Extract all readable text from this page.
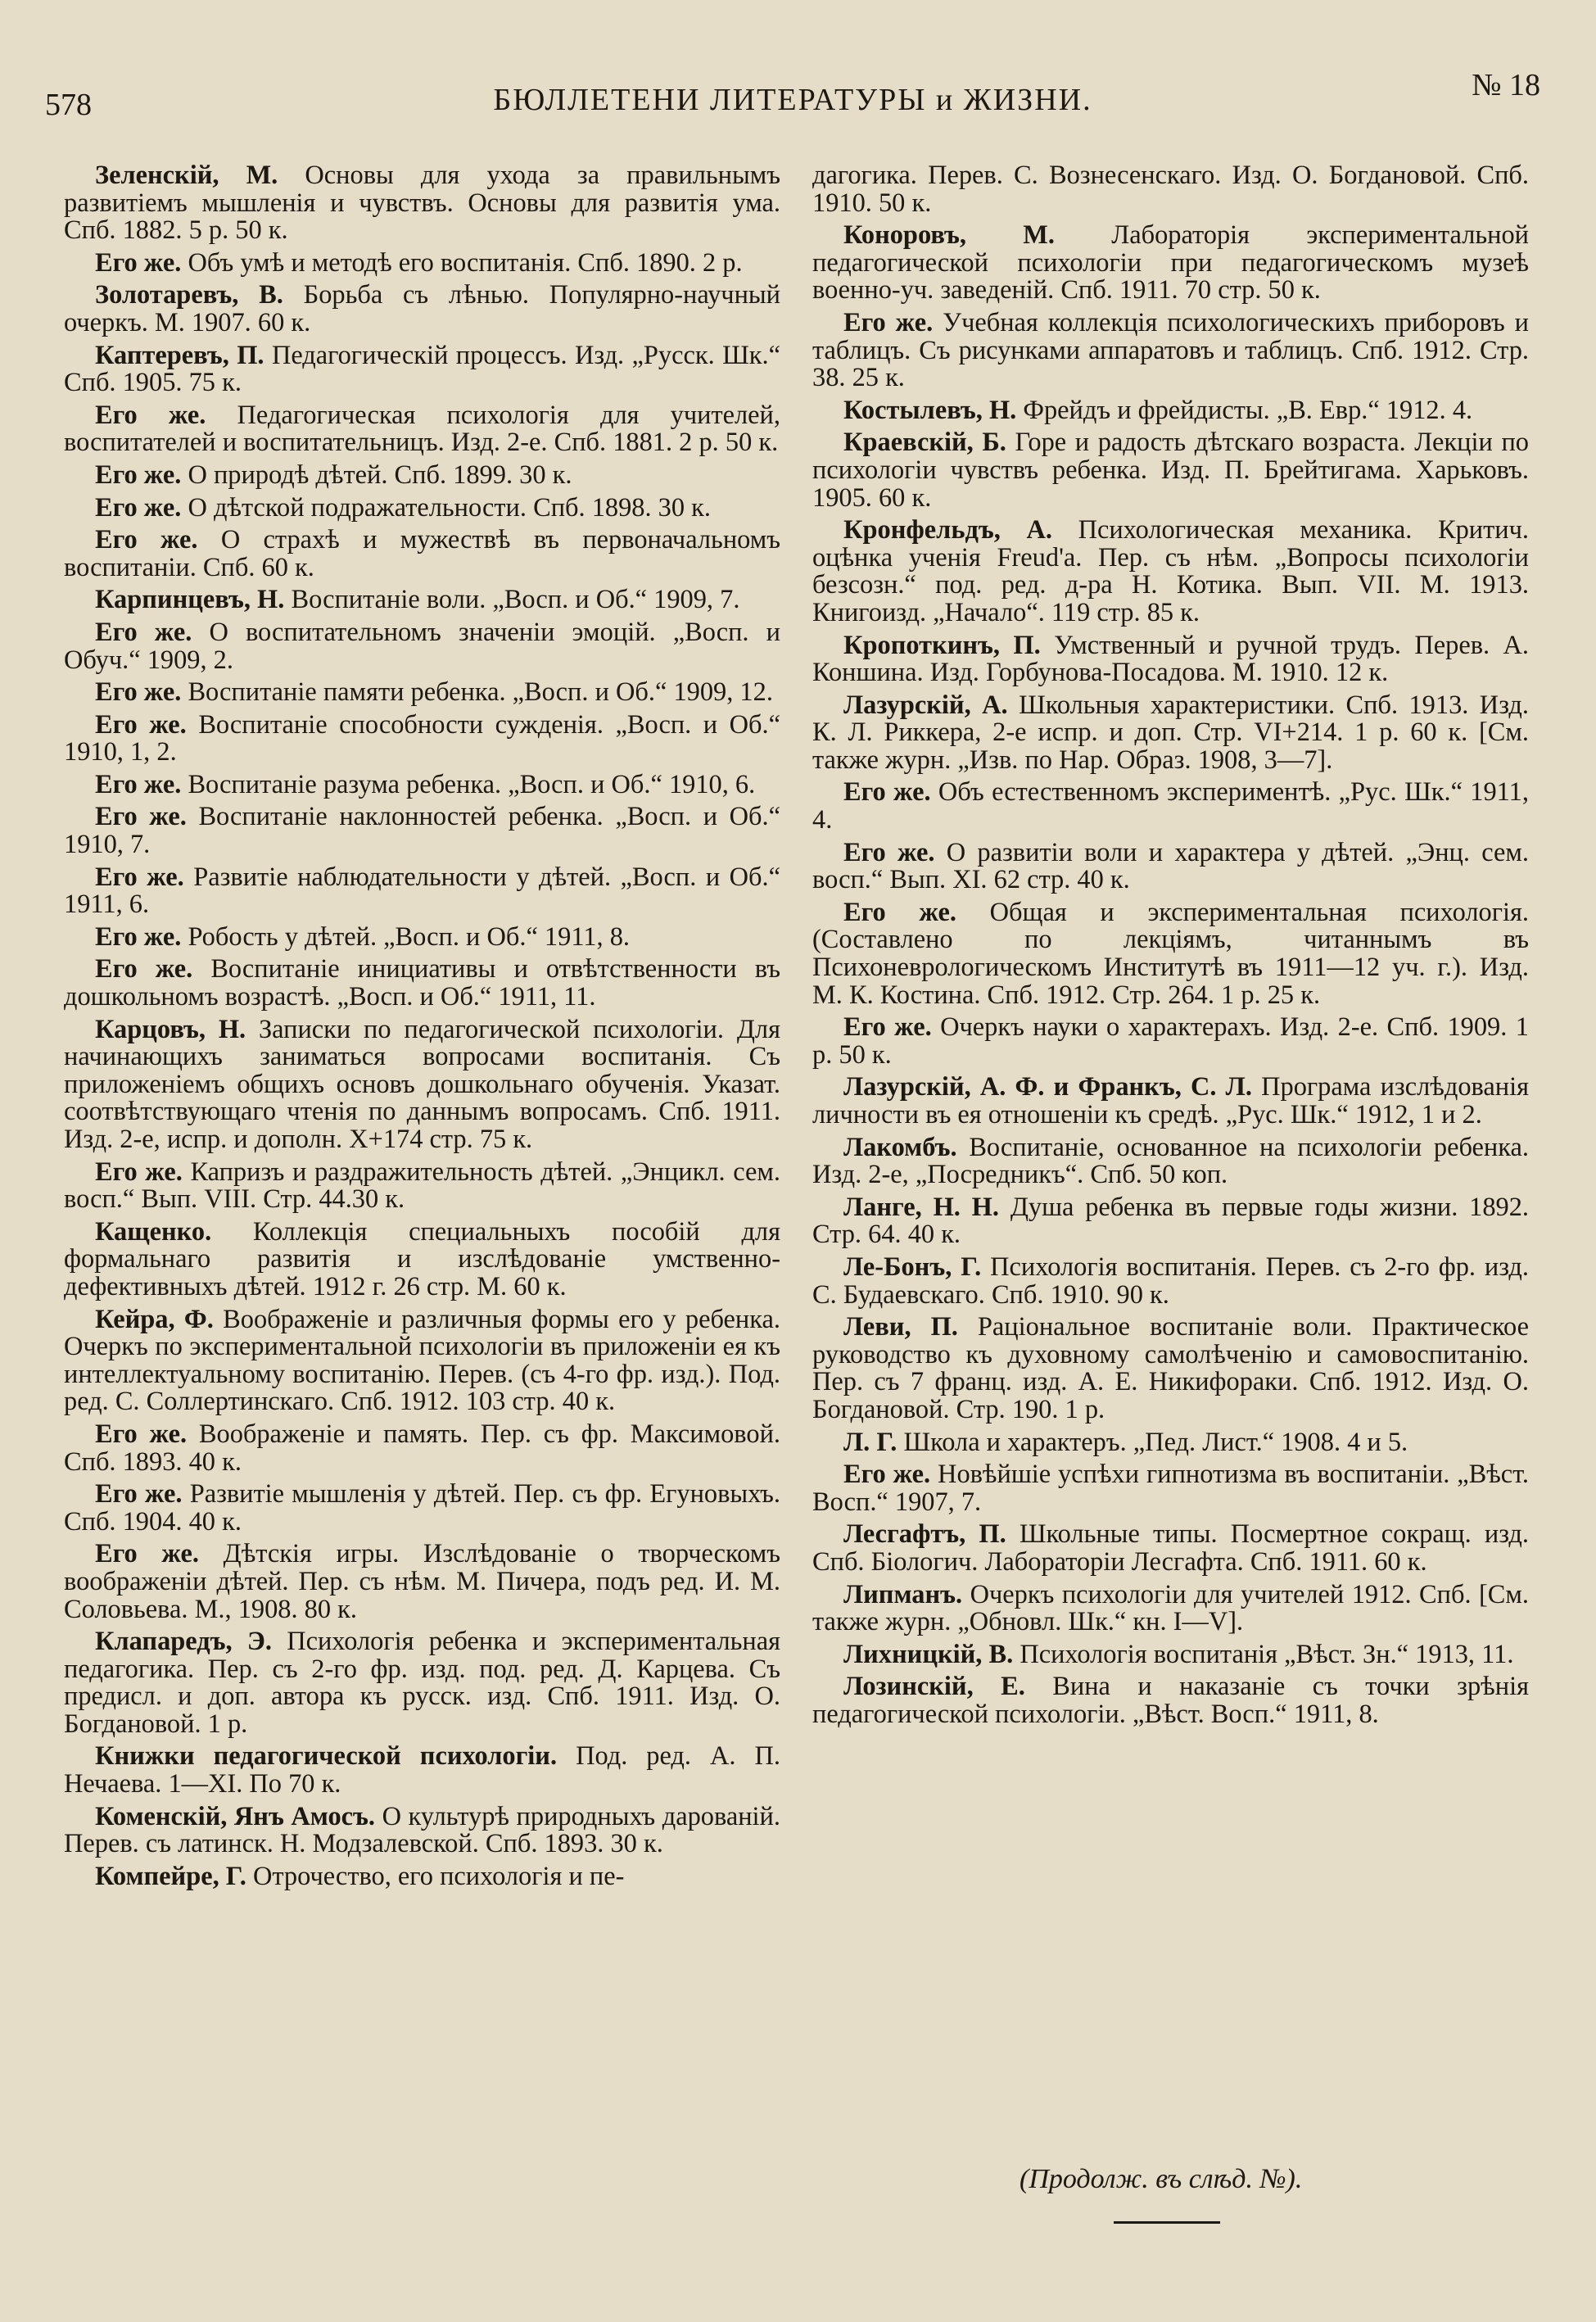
578	БЮЛЛЕТЕНИ ЛИТЕРАТУРЫ и ЖИЗНИ.	№ 18

Зеленскій, М. Основы для ухода за правильнымъ развитіемъ мышленія и чувствъ. Основы для развитія ума. Спб. 1882. 5 р. 50 к.

Его же. Объ умѣ и методѣ его воспитанія. Спб. 1890. 2 р.

Золотаревъ, В. Борьба съ лѣнью. Популярно-научный очеркъ. М. 1907. 60 к.

Каптеревъ, П. Педагогическій процессъ. Изд. „Русск. Шк.“ Спб. 1905. 75 к.

Его же. Педагогическая психологія для учителей, воспитателей и воспитательницъ. Изд. 2-е. Спб. 1881. 2 р. 50 к.

Его же. О природѣ дѣтей. Спб. 1899. 30 к.

Его же. О дѣтской подражательности. Спб. 1898. 30 к.

Его же. О страхѣ и мужествѣ въ первоначальномъ воспитаніи. Спб. 60 к.

Карпинцевъ, Н. Воспитаніе воли. „Восп. и Об.“ 1909, 7.

Его же. О воспитательномъ значеніи эмоцій. „Восп. и Обуч.“ 1909, 2.

Его же. Воспитаніе памяти ребенка. „Восп. и Об.“ 1909, 12.

Его же. Воспитаніе способности сужденія. „Восп. и Об.“ 1910, 1, 2.

Его же. Воспитаніе разума ребенка. „Восп. и Об.“ 1910, 6.

Его же. Воспитаніе наклонностей ребенка. „Восп. и Об.“ 1910, 7.

Его же. Развитіе наблюдательности у дѣтей. „Восп. и Об.“ 1911, 6.

Его же. Робость у дѣтей. „Восп. и Об.“ 1911, 8.

Его же. Воспитаніе инициативы и отвѣтственности въ дошкольномъ возрастѣ. „Восп. и Об.“ 1911, 11.

Карцовъ, Н. Записки по педагогической психологіи. Для начинающихъ заниматься вопросами воспитанія. Съ приложеніемъ общихъ основъ дошкольнаго обученія. Указат. соотвѣтствующаго чтенія по даннымъ вопросамъ. Спб. 1911. Изд. 2-е, испр. и дополн. X+174 стр. 75 к.

Его же. Капризъ и раздражительность дѣтей. „Энцикл. сем. восп.“ Вып. VIII. Стр. 44.30 к.

Кащенко. Коллекція специальныхъ пособій для формальнаго развитія и изслѣдованіе умственно-дефективныхъ дѣтей. 1912 г. 26 стр. М. 60 к.

Кейра, Ф. Воображеніе и различныя формы его у ребенка. Очеркъ по экспериментальной психологіи въ приложеніи ея къ интеллектуальному воспитанію. Перев. (съ 4-го фр. изд.). Под. ред. С. Соллертинскаго. Спб. 1912. 103 стр. 40 к.

Его же. Воображеніе и память. Пер. съ фр. Максимовой. Спб. 1893. 40 к.

Его же. Развитіе мышленія у дѣтей. Пер. съ фр. Егуновыхъ. Спб. 1904. 40 к.

Его же. Дѣтскія игры. Изслѣдованіе о творческомъ воображеніи дѣтей. Пер. съ нѣм. М. Пичера, подъ ред. И. М. Соловьева. М., 1908. 80 к.

Клапаредъ, Э. Психологія ребенка и экспериментальная педагогика. Пер. съ 2-го фр. изд. под. ред. Д. Карцева. Съ предисл. и доп. автора къ русск. изд. Спб. 1911. Изд. О. Богдановой. 1 р.

Книжки педагогической психологіи. Под. ред. А. П. Нечаева. 1—XI. По 70 к.

Коменскій, Янъ Амосъ. О культурѣ природныхъ дарованій. Перев. съ латинск. Н. Модзалевской. Спб. 1893. 30 к.

Компейре, Г. Отрочество, его психологія и пе-

дагогика. Перев. С. Вознесенскаго. Изд. О. Богдановой. Спб. 1910. 50 к.

Коноровъ, М. Лабораторія экспериментальной педагогической психологіи при педагогическомъ музеѣ военно-уч. заведеній. Спб. 1911. 70 стр. 50 к.

Его же. Учебная коллекція психологическихъ приборовъ и таблицъ. Съ рисунками аппаратовъ и таблицъ. Спб. 1912. Стр. 38. 25 к.

Костылевъ, Н. Фрейдъ и фрейдисты. „В. Евр.“ 1912. 4.

Краевскій, Б. Горе и радость дѣтскаго возраста. Лекціи по психологіи чувствъ ребенка. Изд. П. Брейтигама. Харьковъ. 1905. 60 к.

Кронфельдъ, А. Психологическая механика. Критич. оцѣнка ученія Freud'а. Пер. съ нѣм. „Вопросы психологіи безсозн.“ под. ред. д-ра Н. Котика. Вып. VII. М. 1913. Книгоизд. „Начало“. 119 стр. 85 к.

Кропоткинъ, П. Умственный и ручной трудъ. Перев. А. Коншина. Изд. Горбунова-Посадова. М. 1910. 12 к.

Лазурскій, А. Школьныя характеристики. Спб. 1913. Изд. К. Л. Риккера, 2-е испр. и доп. Стр. VI+214. 1 р. 60 к. [См. также журн. „Изв. по Нар. Образ. 1908, 3—7].

Его же. Объ естественномъ экспериментѣ. „Рус. Шк.“ 1911, 4.

Его же. О развитіи воли и характера у дѣтей. „Энц. сем. восп.“ Вып. XI. 62 стр. 40 к.

Его же. Общая и экспериментальная психологія. (Составлено по лекціямъ, читаннымъ въ Психоневрологическомъ Институтѣ въ 1911—12 уч. г.). Изд. М. К. Костина. Спб. 1912. Стр. 264. 1 р. 25 к.

Его же. Очеркъ науки о характерахъ. Изд. 2-е. Спб. 1909. 1 р. 50 к.

Лазурскій, А. Ф. и Франкъ, С. Л. Програма изслѣдованія личности въ ея отношеніи къ средѣ. „Рус. Шк.“ 1912, 1 и 2.

Лакомбъ. Воспитаніе, основанное на психологіи ребенка. Изд. 2-е, „Посредникъ“. Спб. 50 коп.

Ланге, Н. Н. Душа ребенка въ первые годы жизни. 1892. Стр. 64. 40 к.

Ле-Бонъ, Г. Психологія воспитанія. Перев. съ 2-го фр. изд. С. Будаевскаго. Спб. 1910. 90 к.

Леви, П. Раціональное воспитаніе воли. Практическое руководство къ духовному самолѣченію и самовоспитанію. Пер. съ 7 франц. изд. А. Е. Никифораки. Спб. 1912. Изд. О. Богдановой. Стр. 190. 1 р.

Л. Г. Школа и характеръ. „Пед. Лист.“ 1908. 4 и 5.

Его же. Новѣйшіе успѣхи гипнотизма въ воспитаніи. „Вѣст. Восп.“ 1907, 7.

Лесгафтъ, П. Школьные типы. Посмертное сокращ. изд. Спб. Біологич. Лабораторіи Лесгафта. Спб. 1911. 60 к.

Липманъ. Очеркъ психологіи для учителей 1912. Спб. [См. также журн. „Обновл. Шк.“ кн. I—V].

Лихницкій, В. Психологія воспитанія „Вѣст. Зн.“ 1913, 11.

Лозинскій, Е. Вина и наказаніе съ точки зрѣнія педагогической психологіи. „Вѣст. Восп.“ 1911, 8.

(Продолж. въ слѣд. №).
